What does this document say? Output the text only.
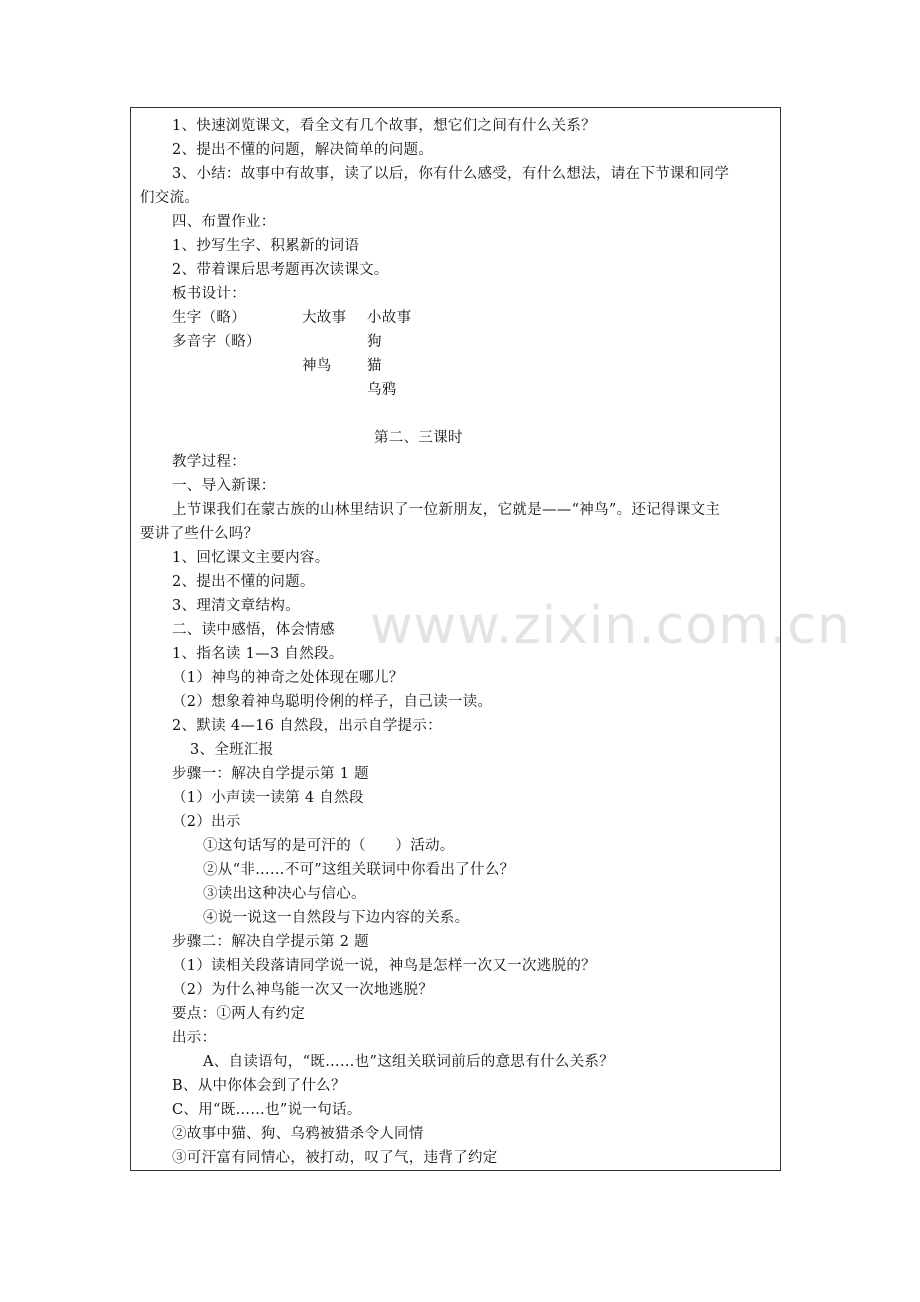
www.zixin.com.cn
1、快速浏览课文，看全文有几个故事，想它们之间有什么关系？
2、提出不懂的问题，解决简单的问题。
3、小结：故事中有故事，读了以后，你有什么感受，有什么想法，请在下节课和同学
们交流。
四、布置作业：
1、抄写生字、积累新的词语
2、带着课后思考题再次读课文。
板书设计：
生字（略）	大故事 小故事
多音字（略）	狗
神鸟 猫
乌鸦
第二、三课时
教学过程：
一、导入新课：
上节课我们在蒙古族的山林里结识了一位新朋友，它就是——“神鸟”。还记得课文主
要讲了些什么吗？
1、回忆课文主要内容。
2、提出不懂的问题。
3、理清文章结构。
二、读中感悟，体会情感
1、指名读 1—3 自然段。
（1）神鸟的神奇之处体现在哪儿？
（2）想象着神鸟聪明伶俐的样子，自己读一读。
2、默读 4—16 自然段，出示自学提示：
3、全班汇报
步骤一：解决自学提示第 1 题
（1）小声读一读第 4 自然段
（2）出示
①这句话写的是可汗的（　　）活动。
②从“非……不可”这组关联词中你看出了什么？
③读出这种决心与信心。
④说一说这一自然段与下边内容的关系。
步骤二：解决自学提示第 2 题
（1）读相关段落请同学说一说，神鸟是怎样一次又一次逃脱的？
（2）为什么神鸟能一次又一次地逃脱？
要点：①两人有约定
出示：
A、自读语句，“既……也”这组关联词前后的意思有什么关系？
B、从中你体会到了什么？
C、用“既……也”说一句话。
②故事中猫、狗、乌鸦被猎杀令人同情
③可汗富有同情心，被打动，叹了气，违背了约定
